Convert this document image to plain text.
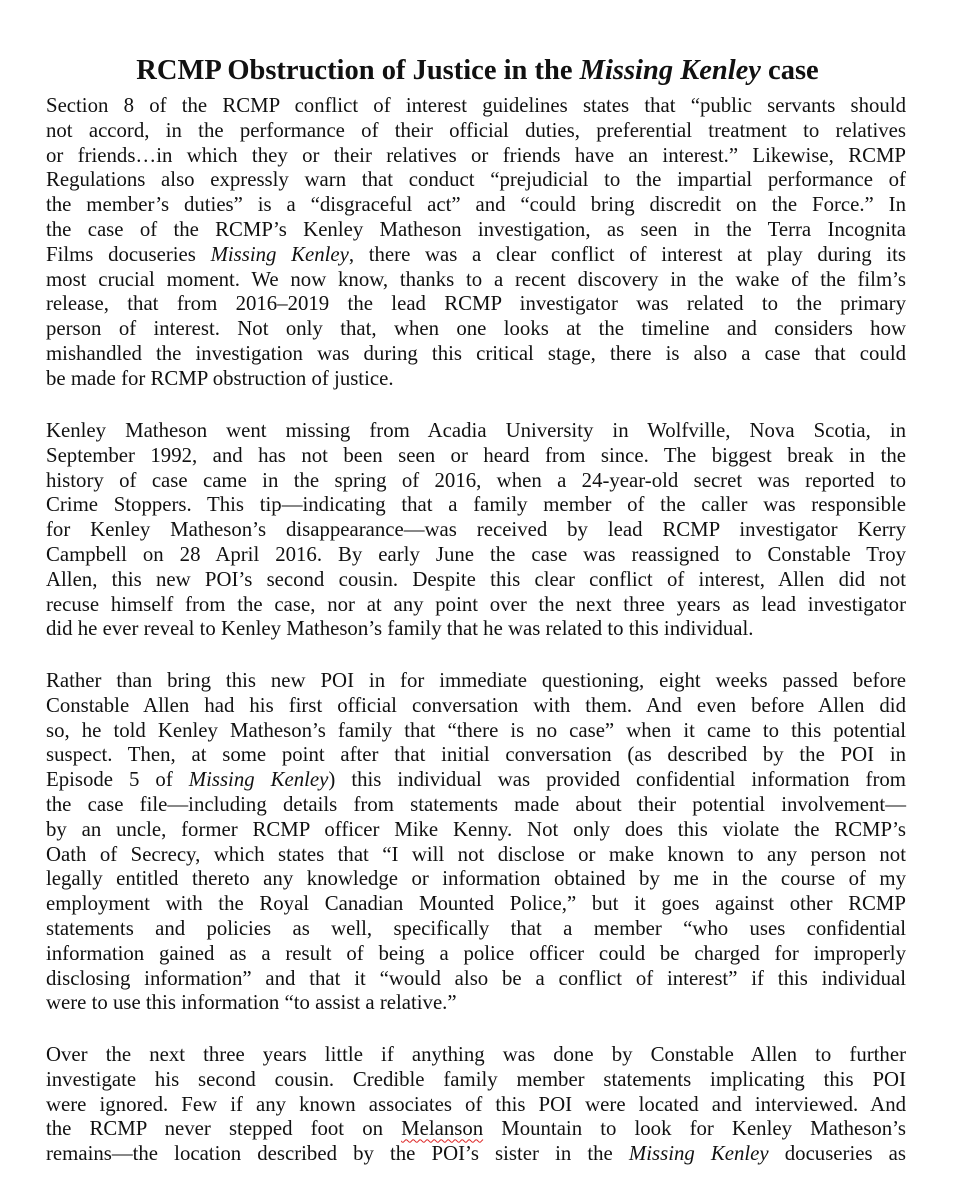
RCMP Obstruction of Justice in the Missing Kenley case
Section 8 of the RCMP conflict of interest guidelines states that “public servants should
not accord, in the performance of their official duties, preferential treatment to relatives
or friends…in which they or their relatives or friends have an interest.” Likewise, RCMP
Regulations also expressly warn that conduct “prejudicial to the impartial performance of
the member’s duties” is a “disgraceful act” and “could bring discredit on the Force.” In
the case of the RCMP’s Kenley Matheson investigation, as seen in the Terra Incognita
Films docuseries Missing Kenley, there was a clear conflict of interest at play during its
most crucial moment. We now know, thanks to a recent discovery in the wake of the film’s
release, that from 2016–2019 the lead RCMP investigator was related to the primary
person of interest. Not only that, when one looks at the timeline and considers how
mishandled the investigation was during this critical stage, there is also a case that could
be made for RCMP obstruction of justice.
Kenley Matheson went missing from Acadia University in Wolfville, Nova Scotia, in
September 1992, and has not been seen or heard from since. The biggest break in the
history of case came in the spring of 2016, when a 24-year-old secret was reported to
Crime Stoppers. This tip—indicating that a family member of the caller was responsible
for Kenley Matheson’s disappearance—was received by lead RCMP investigator Kerry
Campbell on 28 April 2016. By early June the case was reassigned to Constable Troy
Allen, this new POI’s second cousin. Despite this clear conflict of interest, Allen did not
recuse himself from the case, nor at any point over the next three years as lead investigator
did he ever reveal to Kenley Matheson’s family that he was related to this individual.
Rather than bring this new POI in for immediate questioning, eight weeks passed before
Constable Allen had his first official conversation with them. And even before Allen did
so, he told Kenley Matheson’s family that “there is no case” when it came to this potential
suspect. Then, at some point after that initial conversation (as described by the POI in
Episode 5 of Missing Kenley) this individual was provided confidential information from
the case file—including details from statements made about their potential involvement—
by an uncle, former RCMP officer Mike Kenny. Not only does this violate the RCMP’s
Oath of Secrecy, which states that “I will not disclose or make known to any person not
legally entitled thereto any knowledge or information obtained by me in the course of my
employment with the Royal Canadian Mounted Police,” but it goes against other RCMP
statements and policies as well, specifically that a member “who uses confidential
information gained as a result of being a police officer could be charged for improperly
disclosing information” and that it “would also be a conflict of interest” if this individual
were to use this information “to assist a relative.”
Over the next three years little if anything was done by Constable Allen to further
investigate his second cousin. Credible family member statements implicating this POI
were ignored. Few if any known associates of this POI were located and interviewed. And
the RCMP never stepped foot on Melanson Mountain to look for Kenley Matheson’s
remains—the location described by the POI’s sister in the Missing Kenley docuseries as
